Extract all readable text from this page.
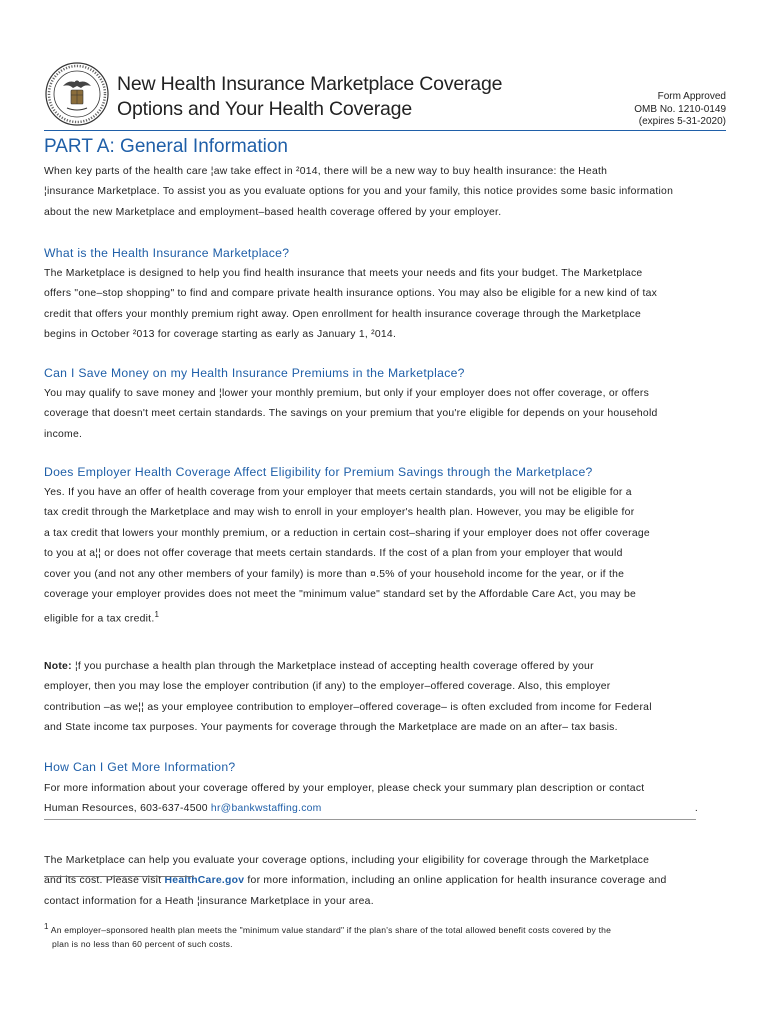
New Health Insurance Marketplace Coverage
Options and Your Health Coverage
Form Approved
OMB No. 1210-0149
(expires 5-31-2020)
PART A: General Information

When key parts of the health care ¦aw take effect in ²014, there will be a new way to buy health insurance: the Heath

¦insurance Marketplace. To assist you as you evaluate options for you and your family, this notice provides some basic information

about the new Marketplace and employment–based health coverage offered by your employer.

What is the Health Insurance Marketplace?

The Marketplace is designed to help you find health insurance that meets your needs and fits your budget. The Marketplace

offers "one–stop shopping" to find and compare private health insurance options. You may also be eligible for a new kind of tax

credit that offers your monthly premium right away. Open enrollment for health insurance coverage through the Marketplace

begins in October ²013 for coverage starting as early as January 1, ²014.

Can I Save Money on my Health Insurance Premiums in the Marketplace?

You may qualify to save money and ¦lower your monthly premium, but only if your employer does not offer coverage, or offers

coverage that doesn't meet certain standards. The savings on your premium that you're eligible for depends on your household

income.

Does Employer Health Coverage Affect Eligibility for Premium Savings through the Marketplace?

Yes. If you have an offer of health coverage from your employer that meets certain standards, you will not be eligible for a

tax credit through the Marketplace and may wish to enroll in your employer's health plan. However, you may be eligible for

a tax credit that lowers your monthly premium, or a reduction in certain cost–sharing if your employer does not offer coverage

to you at a¦¦ or does not offer coverage that meets certain standards. If the cost of a plan from your employer that would

cover you (and not any other members of your family) is more than ¤.5% of your household income for the year, or if the

coverage your employer provides does not meet the "minimum value" standard set by the Affordable Care Act, you may be

eligible for a tax credit.$^1$

Note: ¦f you purchase a health plan through the Marketplace instead of accepting health coverage offered by your

employer, then you may lose the employer contribution (if any) to the employer–offered coverage. Also, this employer

contribution –as we¦¦ as your employee contribution to employer–offered coverage– is often excluded from income for Federal

and State income tax purposes. Your payments for coverage through the Marketplace are made on an after– tax basis.

How Can I Get More Information?

For more information about your coverage offered by your employer, please check your summary plan description or contact

Human Resources, 603-637-4500 hr@bankwstaffing.com	.

The Marketplace can help you evaluate your coverage options, including your eligibility for coverage through the Marketplace

and its cost. Please visit HealthCare.gov for more information, including an online application for health insurance coverage and

contact information for a Heath ¦insurance Marketplace in your area.

$^1$ An employer–sponsored health plan meets the "minimum value standard" if the plan's share of the total allowed benefit costs covered by the
plan is no less than 60 percent of such costs.
